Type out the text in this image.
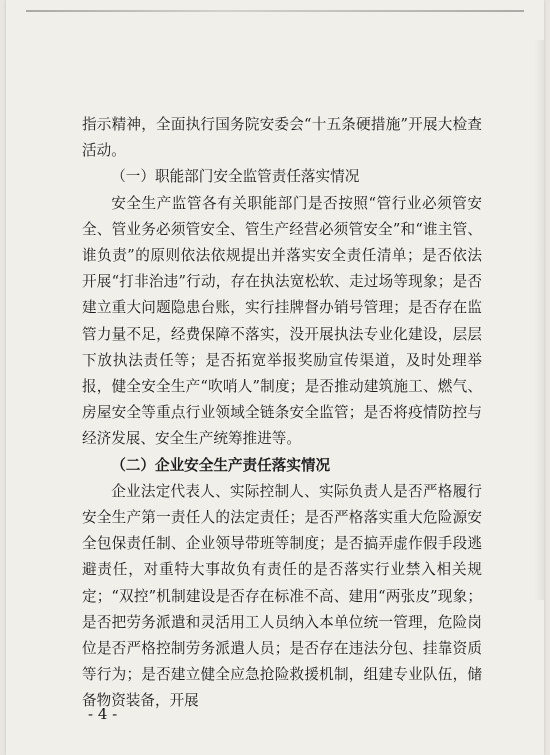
指示精神，全面执行国务院安委会“十五条硬措施”开展大检查活动。

（一）职能部门安全监管责任落实情况

安全生产监管各有关职能部门是否按照“管行业必须管安全、管业务必须管安全、管生产经营必须管安全”和“谁主管、谁负责”的原则依法依规提出并落实安全责任清单；是否依法开展“打非治违”行动，存在执法宽松软、走过场等现象；是否建立重大问题隐患台账，实行挂牌督办销号管理；是否存在监管力量不足，经费保障不落实，没开展执法专业化建设，层层下放执法责任等；是否拓宽举报奖励宣传渠道，及时处理举报，健全安全生产“吹哨人”制度；是否推动建筑施工、燃气、房屋安全等重点行业领域全链条安全监管；是否将疫情防控与经济发展、安全生产统筹推进等。

（二）企业安全生产责任落实情况

企业法定代表人、实际控制人、实际负责人是否严格履行安全生产第一责任人的法定责任；是否严格落实重大危险源安全包保责任制、企业领导带班等制度；是否搞弄虚作假手段逃避责任，对重特大事故负有责任的是否落实行业禁入相关规定；“双控”机制建设是否存在标准不高、建用“两张皮”现象；是否把劳务派遣和灵活用工人员纳入本单位统一管理，危险岗位是否严格控制劳务派遣人员；是否存在违法分包、挂靠资质等行为；是否建立健全应急抢险救援机制，组建专业队伍，储备物资装备，开展

- 4 -
